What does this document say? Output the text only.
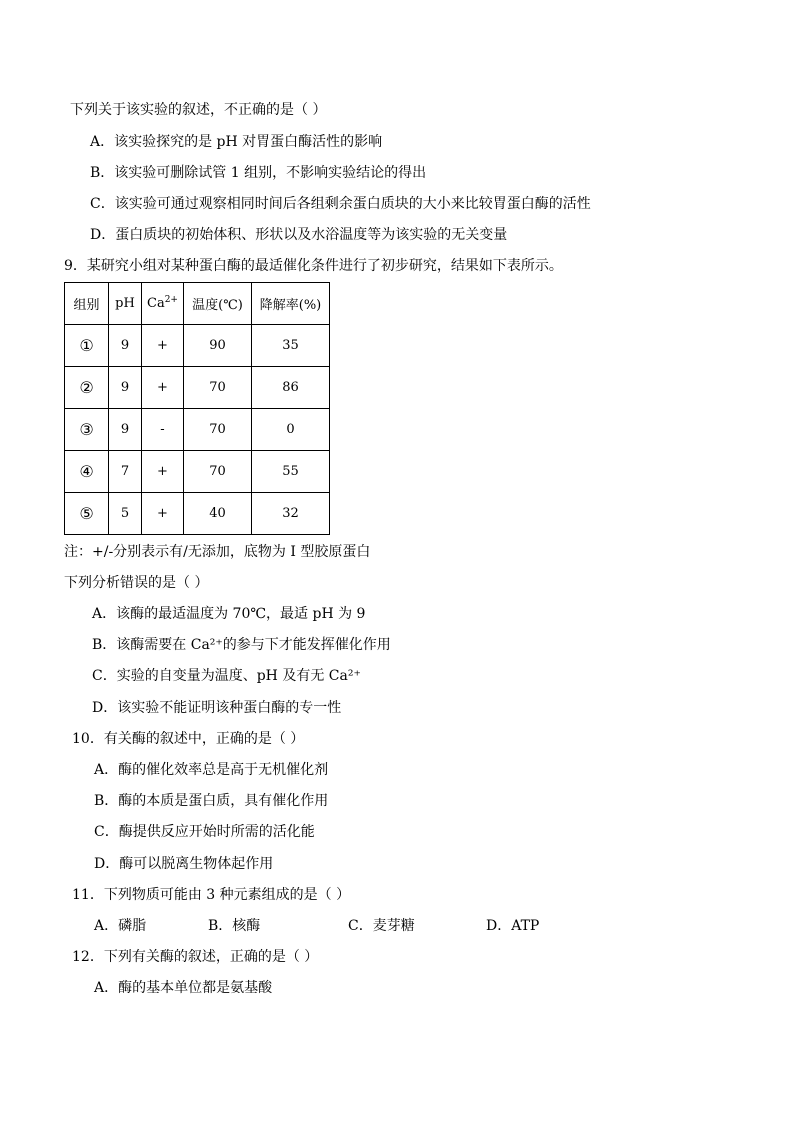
下列关于该实验的叙述，不正确的是（ ）
A．该实验探究的是 pH 对胃蛋白酶活性的影响
B．该实验可删除试管 1 组别，不影响实验结论的得出
C．该实验可通过观察相同时间后各组剩余蛋白质块的大小来比较胃蛋白酶的活性
D．蛋白质块的初始体积、形状以及水浴温度等为该实验的无关变量
9．某研究小组对某种蛋白酶的最适催化条件进行了初步研究，结果如下表所示。
组别	pH	$Ca^{2+}$	温度(℃)	降解率(%)
①	9	+	90	35
②	9	+	70	86
③	9	-	70	0
④	7	+	70	55
⑤	5	+	40	32
注：+/-分别表示有/无添加，底物为 I 型胶原蛋白
下列分析错误的是（ ）
A．该酶的最适温度为 70℃，最适 pH 为 9
B．该酶需要在 Ca²⁺的参与下才能发挥催化作用
C．实验的自变量为温度、pH 及有无 Ca²⁺
D．该实验不能证明该种蛋白酶的专一性
10．有关酶的叙述中，正确的是（ ）
A．酶的催化效率总是高于无机催化剂
B．酶的本质是蛋白质，具有催化作用
C．酶提供反应开始时所需的活化能
D．酶可以脱离生物体起作用
11．下列物质可能由 3 种元素组成的是（ ）
A．磷脂	B．核酶	C．麦芽糖	D．ATP
12．下列有关酶的叙述，正确的是（ ）
A．酶的基本单位都是氨基酸
